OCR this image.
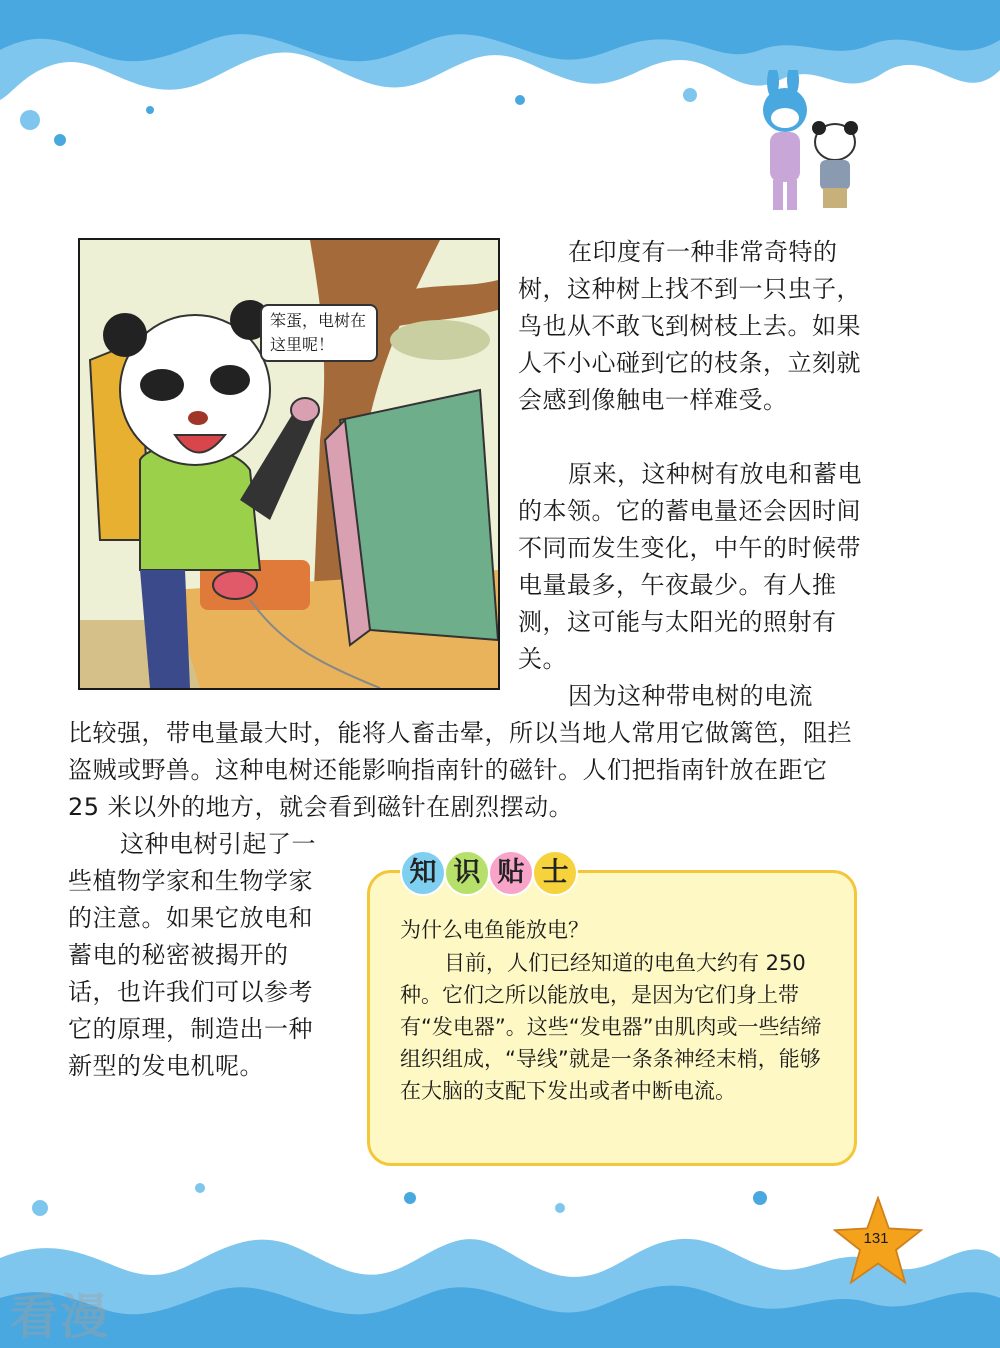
笨蛋，电树在这里呢！

在印度有一种非常奇特的树，这种树上找不到一只虫子，鸟也从不敢飞到树枝上去。如果人不小心碰到它的枝条，立刻就会感到像触电一样难受。

原来，这种树有放电和蓄电的本领。它的蓄电量还会因时间不同而发生变化，中午的时候带电量最多，午夜最少。有人推测，这可能与太阳光的照射有关。

因为这种带电树的电流
比较强，带电量最大时，能将人畜击晕，所以当地人常用它做篱笆，阻拦盗贼或野兽。这种电树还能影响指南针的磁针。人们把指南针放在距它 25 米以外的地方，就会看到磁针在剧烈摆动。

这种电树引起了一些植物学家和生物学家的注意。如果它放电和蓄电的秘密被揭开的话，也许我们可以参考它的原理，制造出一种新型的发电机呢。

知 识 贴 士

为什么电鱼能放电？

目前，人们已经知道的电鱼大约有 250 种。它们之所以能放电，是因为它们身上带有“发电器”。这些“发电器”由肌肉或一些结缔组织组成，“导线”就是一条条神经末梢，能够在大脑的支配下发出或者中断电流。

131
看漫
